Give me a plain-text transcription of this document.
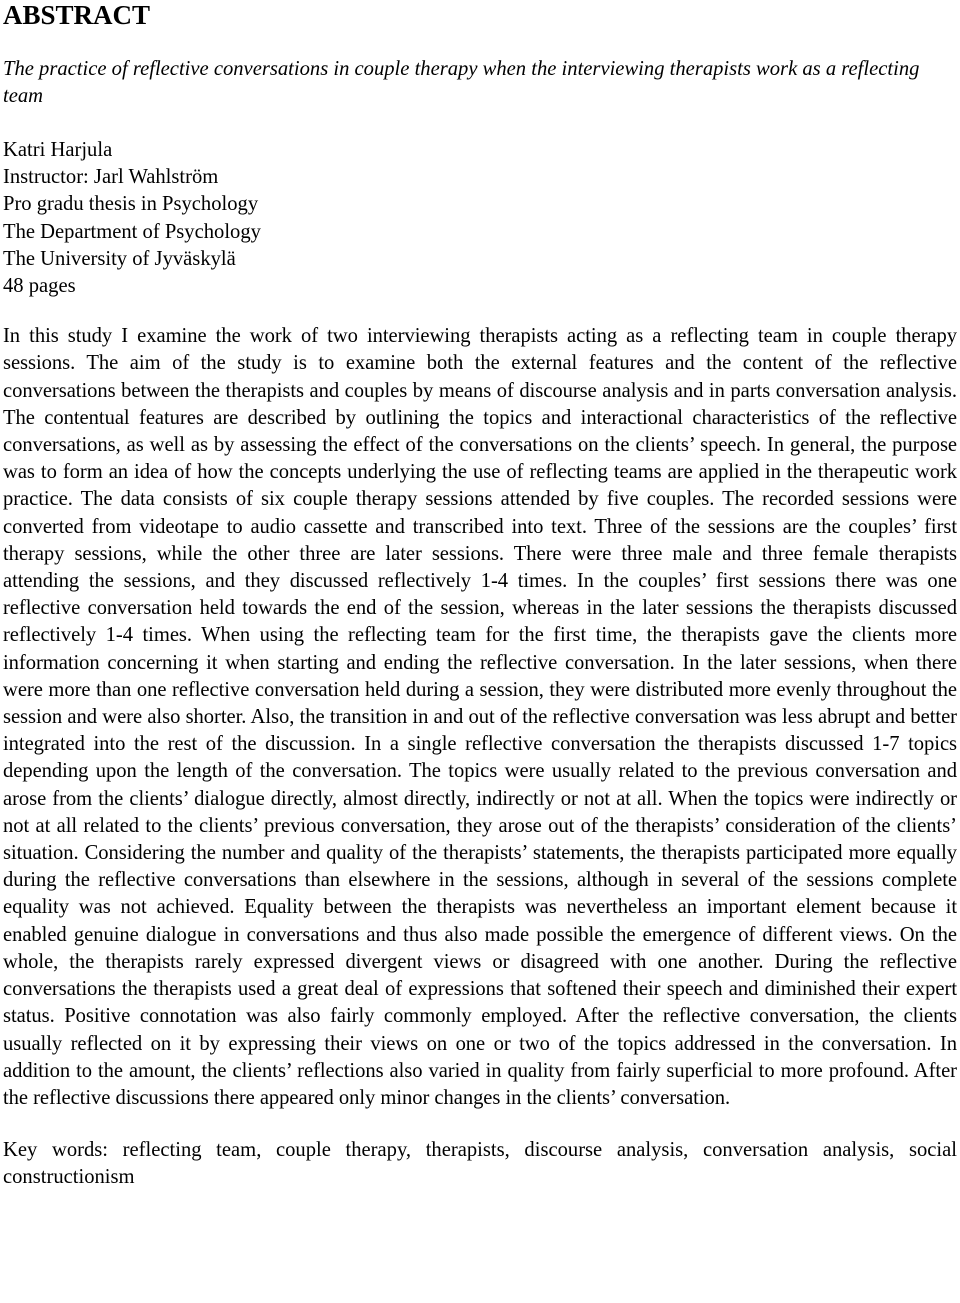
ABSTRACT

The practice of reflective conversations in couple therapy when the interviewing therapists work as a reflecting team

Katri Harjula
Instructor: Jarl Wahlström
Pro gradu thesis in Psychology
The Department of Psychology
The University of Jyväskylä
48 pages

In this study I examine the work of two interviewing therapists acting as a reflecting team in couple therapy sessions. The aim of the study is to examine both the external features and the content of the reflective conversations between the therapists and couples by means of discourse analysis and in parts conversation analysis. The contentual features are described by outlining the topics and interactional characteristics of the reflective conversations, as well as by assessing the effect of the conversations on the clients’ speech. In general, the purpose was to form an idea of how the concepts underlying the use of reflecting teams are applied in the therapeutic work practice. The data consists of six couple therapy sessions attended by five couples. The recorded sessions were converted from videotape to audio cassette and transcribed into text. Three of the sessions are the couples’ first therapy sessions, while the other three are later sessions. There were three male and three female therapists attending the sessions, and they discussed reflectively 1-4 times. In the couples’ first sessions there was one reflective conversation held towards the end of the session, whereas in the later sessions the therapists discussed reflectively 1-4 times. When using the reflecting team for the first time, the therapists gave the clients more information concerning it when starting and ending the reflective conversation. In the later sessions, when there were more than one reflective conversation held during a session, they were distributed more evenly throughout the session and were also shorter. Also, the transition in and out of the reflective conversation was less abrupt and better integrated into the rest of the discussion. In a single reflective conversation the therapists discussed 1-7 topics depending upon the length of the conversation. The topics were usually related to the previous conversation and arose from the clients’ dialogue directly, almost directly, indirectly or not at all. When the topics were indirectly or not at all related to the clients’ previous conversation, they arose out of the therapists’ consideration of the clients’ situation. Considering the number and quality of the therapists’ statements, the therapists participated more equally during the reflective conversations than elsewhere in the sessions, although in several of the sessions complete equality was not achieved. Equality between the therapists was nevertheless an important element because it enabled genuine dialogue in conversations and thus also made possible the emergence of different views. On the whole, the therapists rarely expressed divergent views or disagreed with one another. During the reflective conversations the therapists used a great deal of expressions that softened their speech and diminished their expert status. Positive connotation was also fairly commonly employed. After the reflective conversation, the clients usually reflected on it by expressing their views on one or two of the topics addressed in the conversation. In addition to the amount, the clients’ reflections also varied in quality from fairly superficial to more profound. After the reflective discussions there appeared only minor changes in the clients’ conversation.

Key words: reflecting team, couple therapy, therapists, discourse analysis, conversation analysis, social constructionism
